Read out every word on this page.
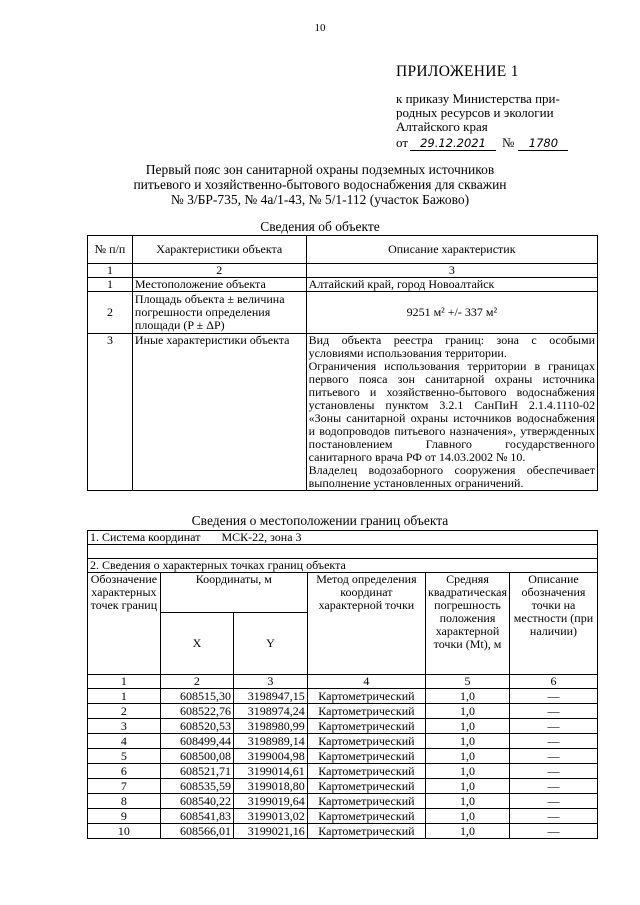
10
ПРИЛОЖЕНИЕ 1
к приказу Министерства при-
родных ресурсов и экологии
Алтайского края
от	29.12.2021	№	1780
Первый пояс зон санитарной охраны подземных источников
питьевого и хозяйственно-бытового водоснабжения для скважин
№ 3/БР-735, № 4а/1-43, № 5/1-112 (участок Бажово)
Сведения об объекте
№ п/п	Характеристики объекта	Описание характеристик
1	2	3
1	Местоположение объекта	Алтайский край, город Новоалтайск
2	Площадь объекта ± величина погрешности определения площади (P ± ΔP)	9251 м² +/- 337 м²
3	Иные характеристики объекта	Вид объекта реестра границ: зона с особыми условиями использования территории.
Ограничения использования территории в границах первого пояса зон санитарной охраны источника питьевого и хозяйственно-бытового водоснабжения установлены пунктом 3.2.1 СанПиН 2.1.4.1110-02 «Зоны санитарной охраны источников водоснабжения и водопроводов питьевого назначения», утвержденных постановлением Главного государственного санитарного врача РФ от 14.03.2002 № 10.
Владелец водозаборного сооружения обеспечивает выполнение установленных ограничений.
Сведения о местоположении границ объекта
1. Система координат МСК-22, зона 3					

2. Сведения о характерных точках границ объекта					
Обозначение характерных точек границ	Координаты, м		Метод определения координат характерной точки	Средняя квадратическая погрешность положения характерной точки (Mt), м	Описание обозначения точки на местности (при наличии)
	X	Y			
1	2	3	4	5	6
1	608515,30	3198947,15	Картометрический	1,0	—
2	608522,76	3198974,24	Картометрический	1,0	—
3	608520,53	3198980,99	Картометрический	1,0	—
4	608499,44	3198989,14	Картометрический	1,0	—
5	608500,08	3199004,98	Картометрический	1,0	—
6	608521,71	3199014,61	Картометрический	1,0	—
7	608535,59	3199018,80	Картометрический	1,0	—
8	608540,22	3199019,64	Картометрический	1,0	—
9	608541,83	3199013,02	Картометрический	1,0	—
10	608566,01	3199021,16	Картометрический	1,0	—
